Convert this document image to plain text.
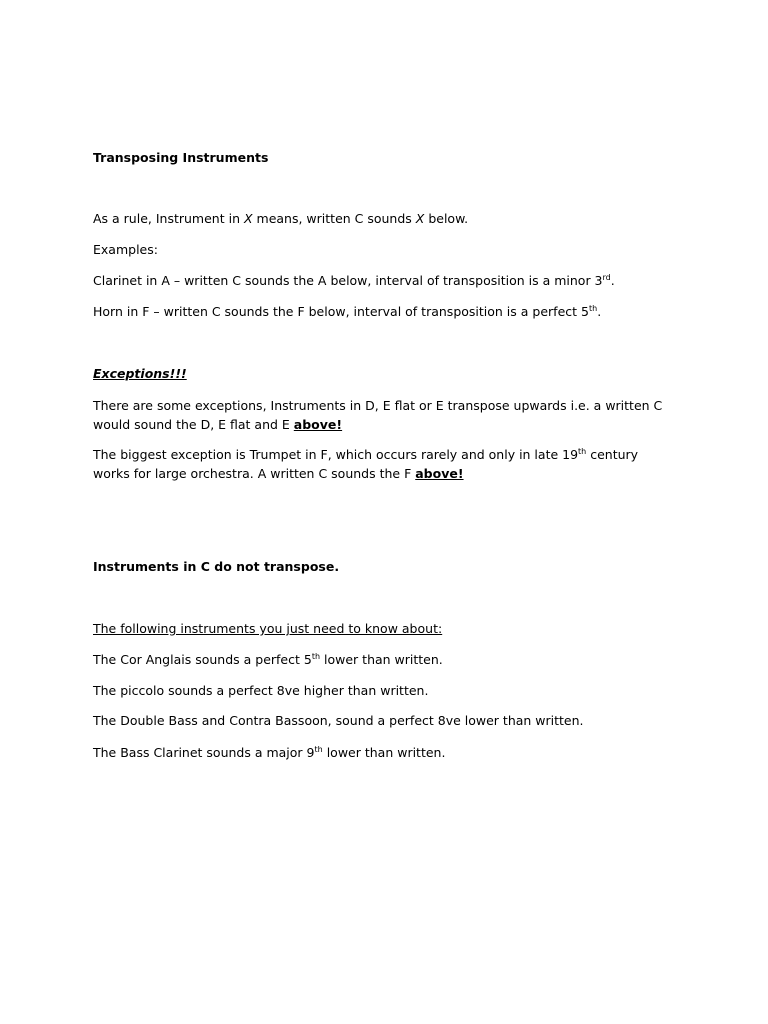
Transposing Instruments
As a rule, Instrument in X means, written C sounds X below.
Examples:
Clarinet in A – written C sounds the A below, interval of transposition is a minor 3rd.
Horn in F – written C sounds the F below, interval of transposition is a perfect 5th.
Exceptions!!!
There are some exceptions, Instruments in D, E flat or E transpose upwards i.e. a written C would sound the D, E flat and E above!
The biggest exception is Trumpet in F, which occurs rarely and only in late 19th century works for large orchestra. A written C sounds the F above!
Instruments in C do not transpose.
The following instruments you just need to know about:
The Cor Anglais sounds a perfect 5th lower than written.
The piccolo sounds a perfect 8ve higher than written.
The Double Bass and Contra Bassoon, sound a perfect 8ve lower than written.
The Bass Clarinet sounds a major 9th lower than written.
